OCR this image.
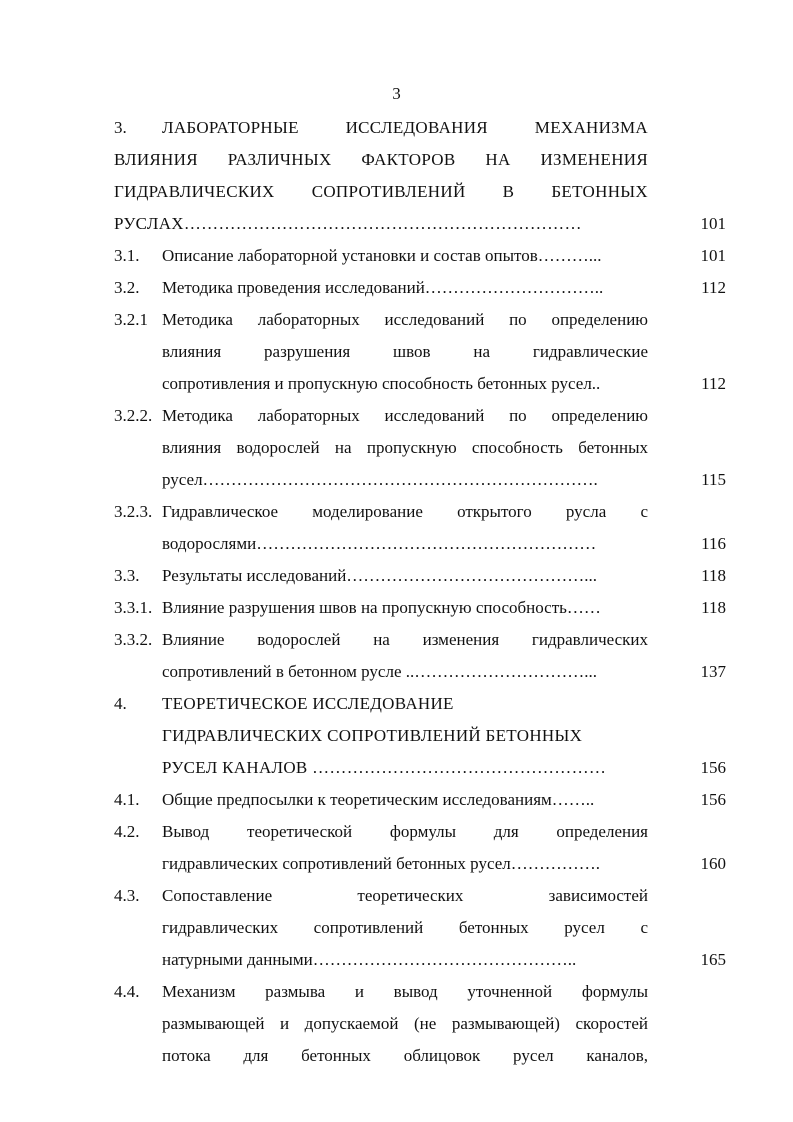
3
3.	ЛАБОРАТОРНЫЕ ИССЛЕДОВАНИЯ МЕХАНИЗМА
ВЛИЯНИЯ РАЗЛИЧНЫХ ФАКТОРОВ НА ИЗМЕНЕНИЯ
ГИДРАВЛИЧЕСКИХ СОПРОТИВЛЕНИЙ В БЕТОННЫХ
РУСЛАХ……………………………………………………………	101
3.1.	Описание лабораторной установки и состав опытов………...	101
3.2.	Методика проведения исследований…………………………..	112
3.2.1 Методика лабораторных исследований по определению
влияния разрушения швов на гидравлические
сопротивления и пропускную способность бетонных русел..	112
3.2.2. Методика лабораторных исследований по определению
влияния водорослей на пропускную способность бетонных
русел…………………………………………………………….	115
3.2.3. Гидравлическое моделирование открытого русла с
водорослями……………………………………………………	116
3.3.	Результаты исследований……………………………………...	118
3.3.1. Влияние разрушения швов на пропускную способность……	118
3.3.2. Влияние водорослей на изменения гидравлических
сопротивлений в бетонном русле ..…………………………...	137
4.	ТЕОРЕТИЧЕСКОЕ ИССЛЕДОВАНИЕ
ГИДРАВЛИЧЕСКИХ СОПРОТИВЛЕНИЙ БЕТОННЫХ
РУСЕЛ КАНАЛОВ ……………………………………………	156
4.1.	Общие предпосылки к теоретическим исследованиям……..	156
4.2.	Вывод теоретической формулы для определения
гидравлических сопротивлений бетонных русел…………….	160
4.3.	Сопоставление теоретических зависимостей
гидравлических сопротивлений бетонных русел с
натурными данными………………………………………..	165
4.4.	Механизм размыва и вывод уточненной формулы
размывающей и допускаемой (не размывающей) скоростей
потока для бетонных облицовок русел каналов,
